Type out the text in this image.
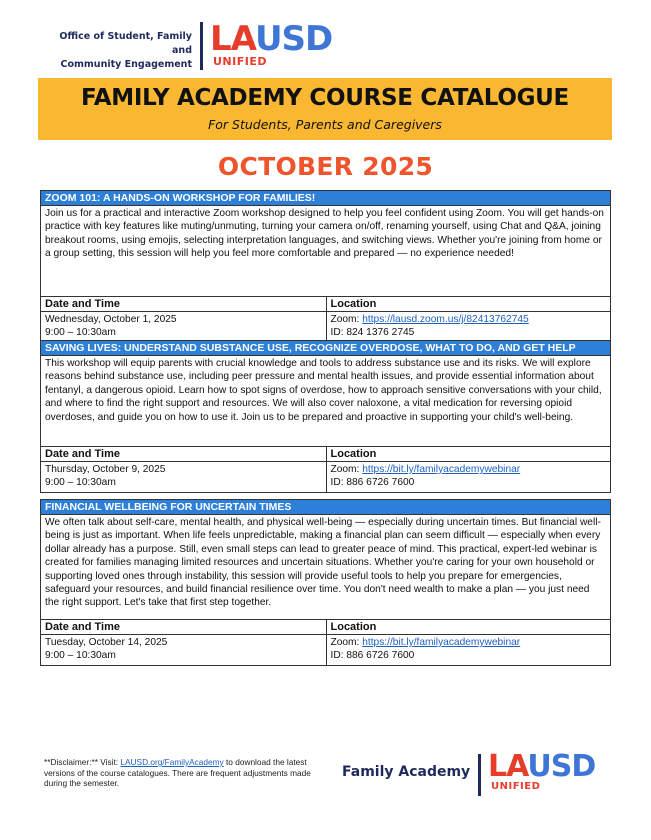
Office of Student, Family and
Community Engagement
LAUSD
UNIFIED
FAMILY ACADEMY COURSE CATALOGUE
For Students, Parents and Caregivers
OCTOBER 2025
ZOOM 101: A HANDS-ON WORKSHOP FOR FAMILIES!
Join us for a practical and interactive Zoom workshop designed to help you feel confident using Zoom. You will get hands-on practice with key features like muting/unmuting, turning your camera on/off, renaming yourself, using Chat and Q&A, joining breakout rooms, using emojis, selecting interpretation languages, and switching views. Whether you're joining from home or a group setting, this session will help you feel more comfortable and prepared — no experience needed!
Date and Time
Wednesday, October 1, 2025
9:00 – 10:30am
Location
Zoom: https://lausd.zoom.us/j/82413762745
ID: 824 1376 2745
SAVING LIVES: UNDERSTAND SUBSTANCE USE, RECOGNIZE OVERDOSE, WHAT TO DO, AND GET HELP
This workshop will equip parents with crucial knowledge and tools to address substance use and its risks. We will explore reasons behind substance use, including peer pressure and mental health issues, and provide essential information about fentanyl, a dangerous opioid. Learn how to spot signs of overdose, how to approach sensitive conversations with your child, and where to find the right support and resources. We will also cover naloxone, a vital medication for reversing opioid overdoses, and guide you on how to use it. Join us to be prepared and proactive in supporting your child's well-being.
Date and Time
Thursday, October 9, 2025
9:00 – 10:30am
Location
Zoom: https://bit.ly/familyacademywebinar
ID: 886 6726 7600
FINANCIAL WELLBEING FOR UNCERTAIN TIMES
We often talk about self-care, mental health, and physical well-being — especially during uncertain times. But financial well-being is just as important. When life feels unpredictable, making a financial plan can seem difficult — especially when every dollar already has a purpose. Still, even small steps can lead to greater peace of mind. This practical, expert-led webinar is created for families managing limited resources and uncertain situations. Whether you're caring for your own household or supporting loved ones through instability, this session will provide useful tools to help you prepare for emergencies, safeguard your resources, and build financial resilience over time. You don't need wealth to make a plan — you just need the right support. Let's take that first step together.
Date and Time
Tuesday, October 14, 2025
9:00 – 10:30am
Location
Zoom: https://bit.ly/familyacademywebinar
ID: 886 6726 7600
**Disclaimer:** Visit: LAUSD.org/FamilyAcademy to download the latest versions of the course catalogues. There are frequent adjustments made during the semester.
Family Academy LAUSD
UNIFIED
